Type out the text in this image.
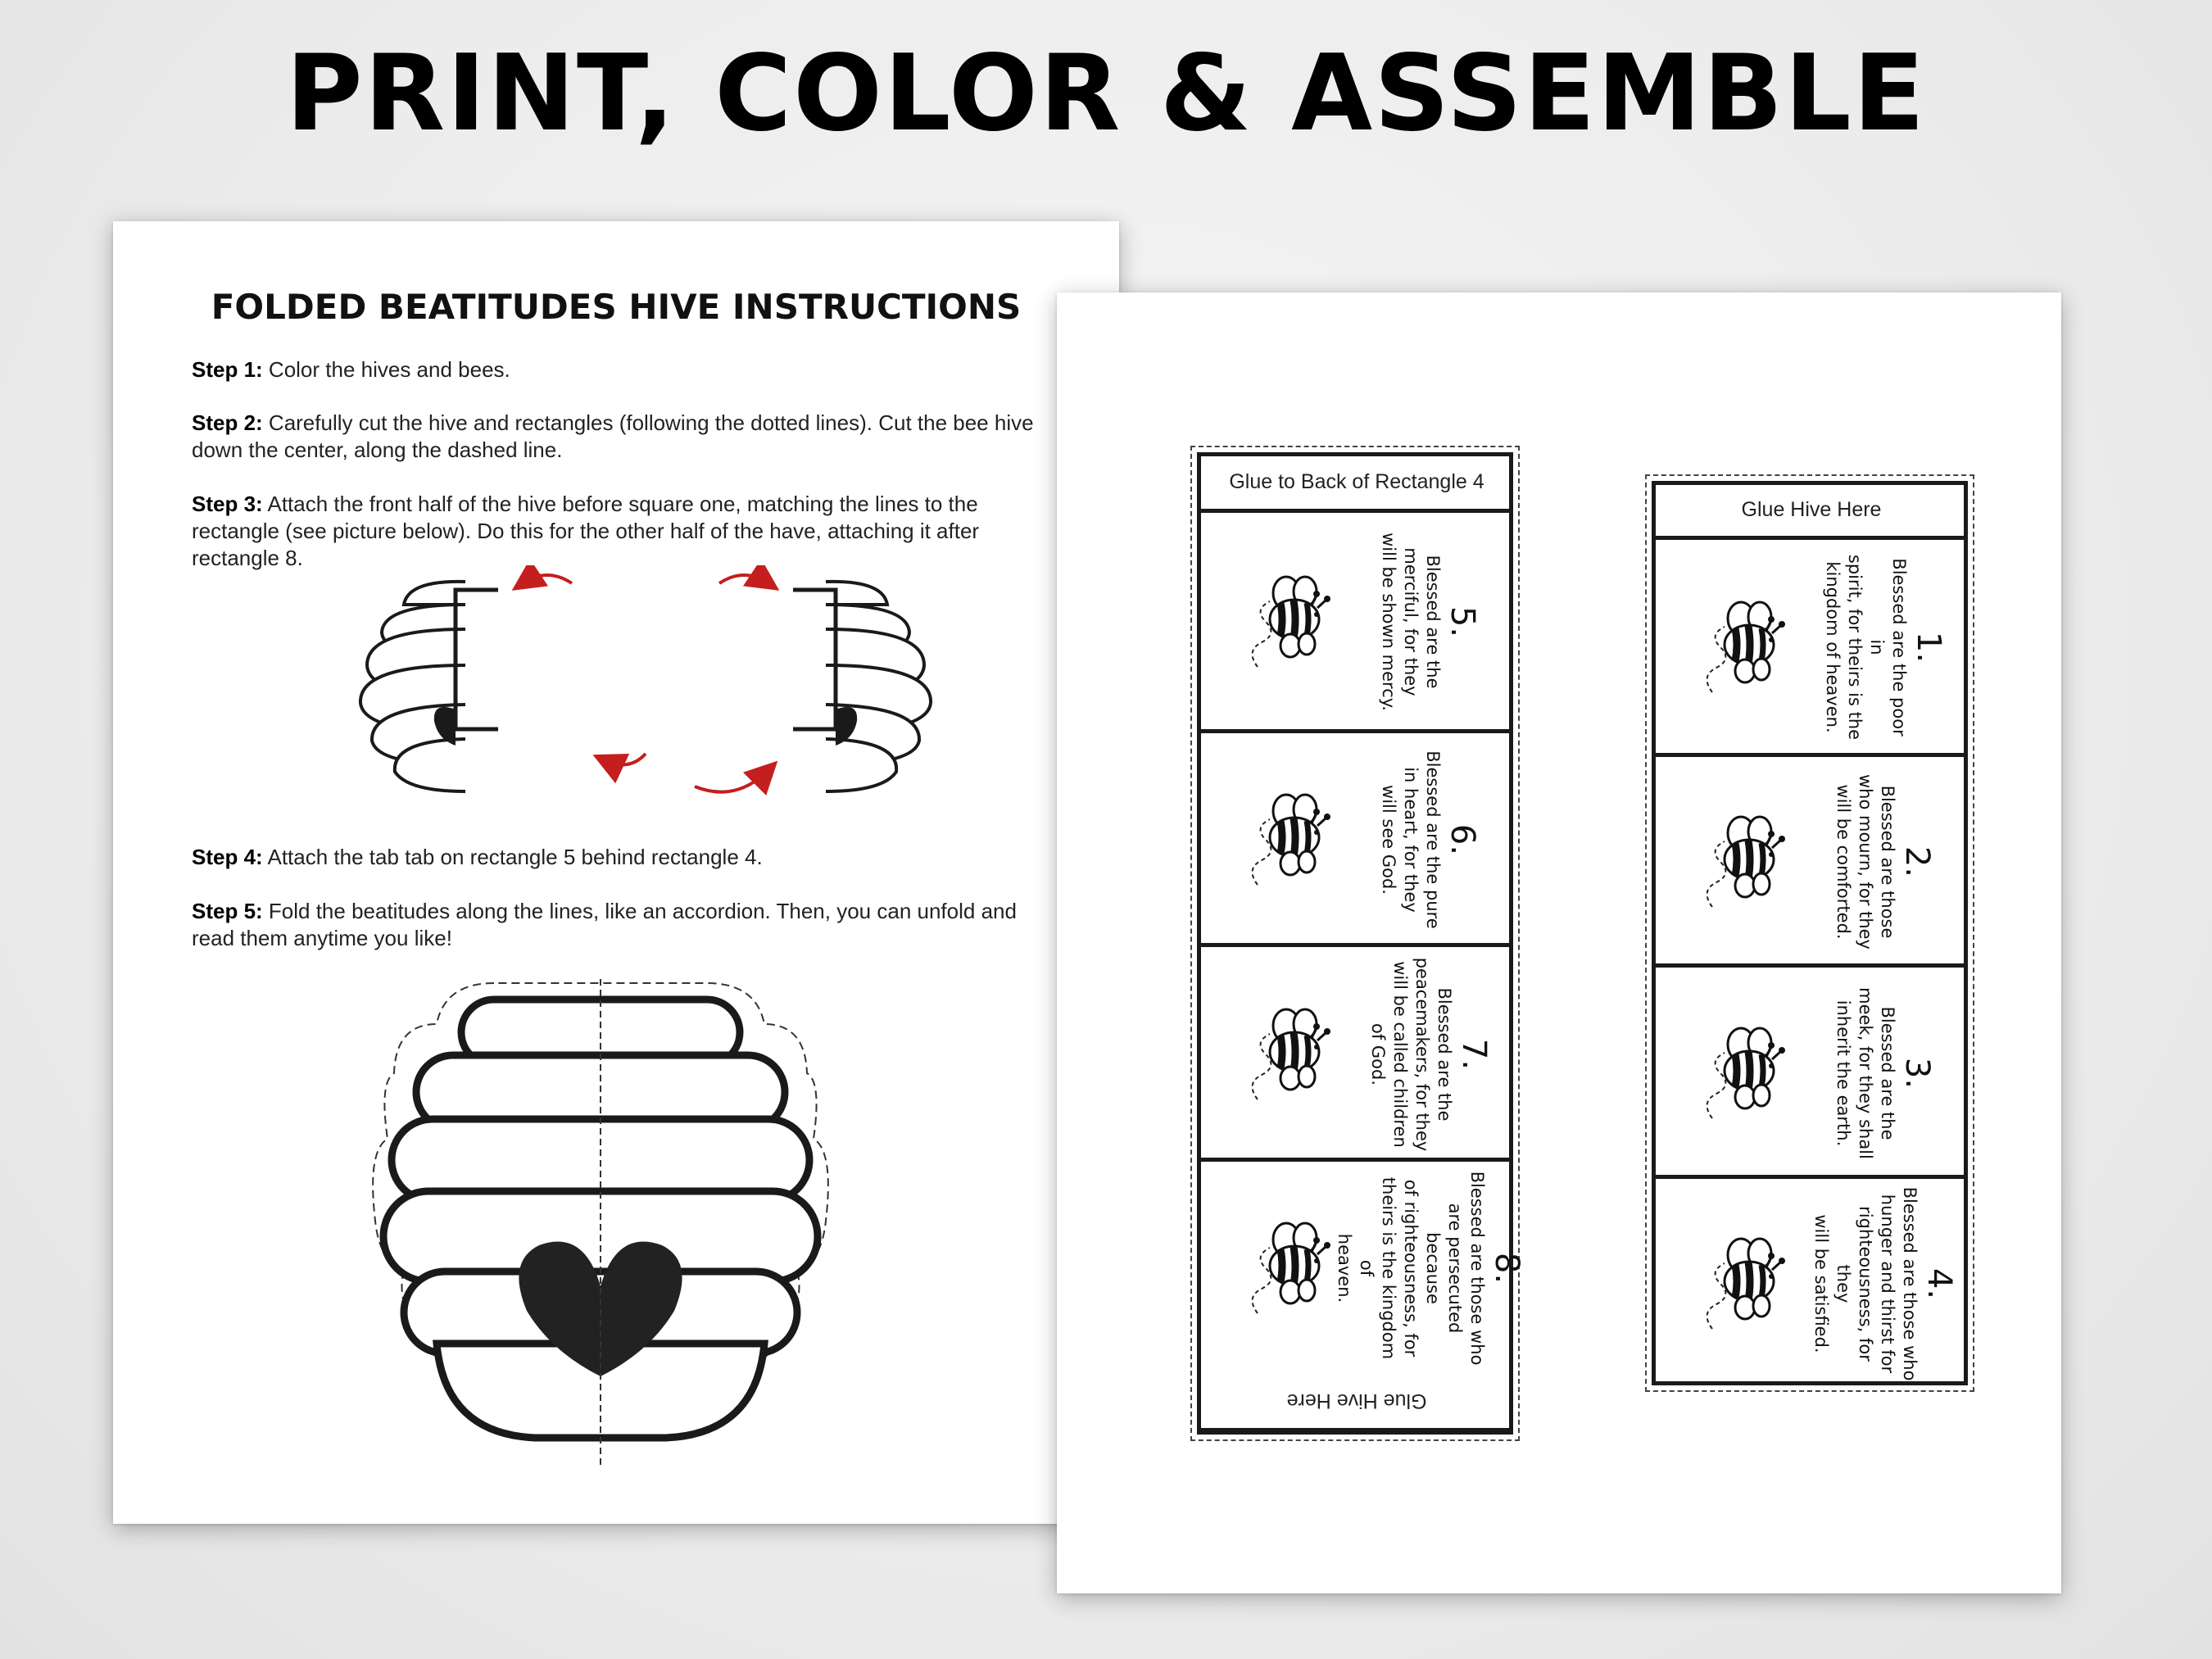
PRINT, COLOR & ASSEMBLE
FOLDED BEATITUDES HIVE INSTRUCTIONS
Step 1: Color the hives and bees.
Step 2: Carefully cut the hive and rectangles (following the dotted lines). Cut the bee hive down the center, along the dashed line.
Step 3: Attach the front half of the hive before square one, matching the lines to the rectangle (see picture below). Do this for the other half of the have, attaching it after rectangle 8.
Step 4: Attach the tab tab on rectangle 5 behind rectangle 4.
Step 5: Fold the beatitudes along the lines, like an accordion. Then, you can unfold and read them anytime you like!
Glue to Back of Rectangle 4
Glue Hive Here
5.
Blessed are the
merciful, for they
will be shown mercy.
6.
Blessed are the pure
in heart, for they
will see God.
7.
Blessed are the
peacemakers, for they
will be called children
of God.
8.
Blessed are those who
are persecuted because
of righteousness, for
theirs is the kingdom of
heaven.
Glue Hive Here
1.
Blessed are the poor in
spirit, for theirs is the
kingdom of heaven.
2.
Blessed are those
who mourn, for they
will be comforted.
3.
Blessed are the
meek, for they shall
inherit the earth.
4.
Blessed are those who
hunger and thirst for
righteousness, for they
will be satisfied.
